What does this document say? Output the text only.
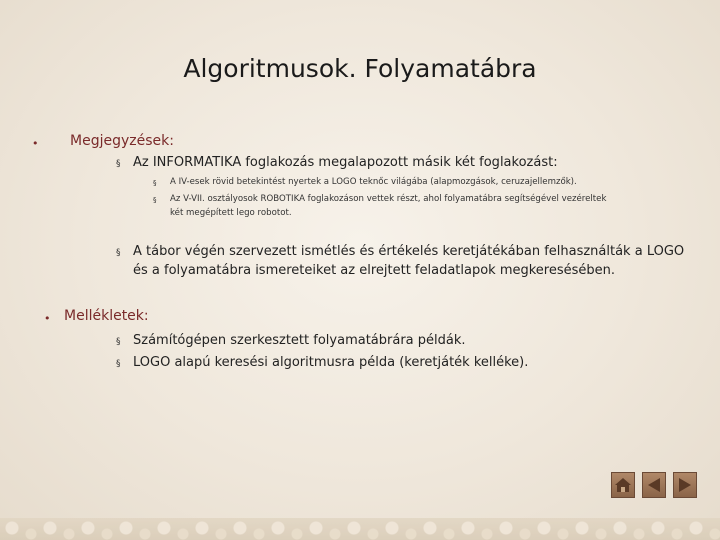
Algoritmusok. Folyamatábra
• Megjegyzések:
§ Az INFORMATIKA foglakozás megalapozott másik két foglakozást:
§ A IV-esek rövid betekintést nyertek a LOGO teknőc világába (alapmozgások, ceruzajellemzők).
§ Az V-VII. osztályosok ROBOTIKA foglakozáson vettek részt, ahol folyamatábra segítségével vezéreltek
két megépített lego robotot.
§ A tábor végén szervezett ismétlés és értékelés keretjátékában felhasználták a LOGO
és a folyamatábra ismereteiket az elrejtett feladatlapok megkeresésében.
• Mellékletek:
§ Számítógépen szerkesztett folyamatábrára példák.
§ LOGO alapú keresési algoritmusra példa (keretjáték kelléke).
